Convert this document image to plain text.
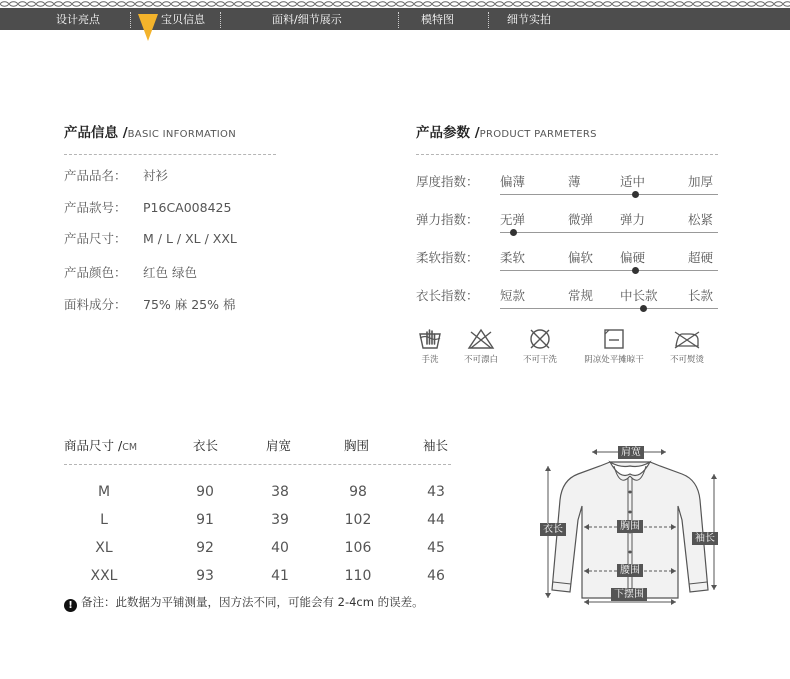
设计亮点	宝贝信息	面料/细节展示	模特图	细节实拍
产品信息 /BASIC INFORMATION
产品品名： 衬衫
产品款号： P16CA008425
产品尺寸： M / L / XL / XXL
产品颜色： 红色 绿色
面料成分： 75% 麻 25% 棉
产品参数 /PRODUCT PARMETERS
厚度指数： 偏薄	薄	适中	加厚
弹力指数： 无弹	微弹 弹力	松紧
柔软指数： 柔软	偏软 偏硬	超硬
衣长指数： 短款	常规 中长款 长款
手洗	不可漂白	不可干洗	阴凉处平摊晾干	不可熨烫
商品尺寸 /CM	衣长	肩宽	胸围	袖长
M	90	38	98	43
L	91	39	102	44
XL	92	40	106	45
XXL	93	41	110	46
! 备注：此数据为平铺测量，因方法不同，可能会有 2-4cm 的误差。
肩宽
衣长	胸围
袖长
腰围
下摆围
